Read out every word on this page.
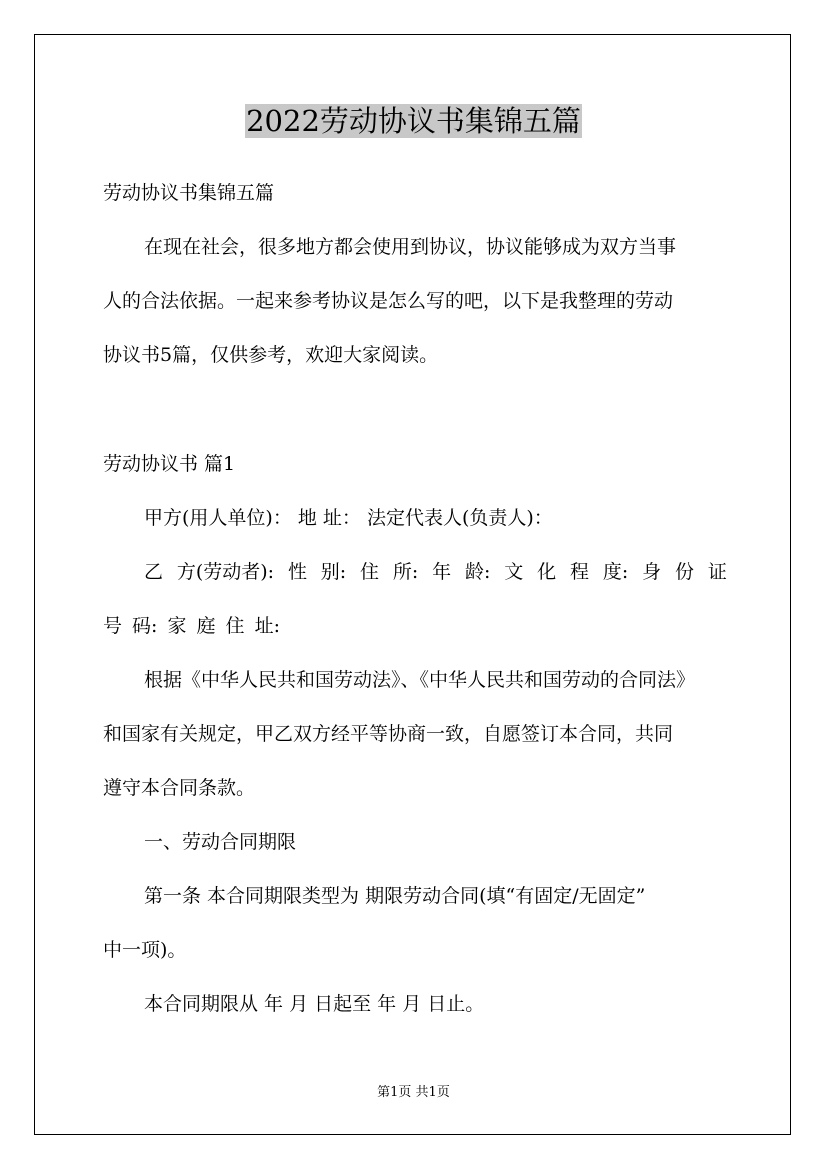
2022劳动协议书集锦五篇
劳动协议书集锦五篇
在现在社会，很多地方都会使用到协议，协议能够成为双方当事
人的合法依据。一起来参考协议是怎么写的吧，以下是我整理的劳动
协议书5篇，仅供参考，欢迎大家阅读。
劳动协议书 篇1
甲方(用人单位)： 地 址： 法定代表人(负责人)：
乙 方(劳动者): 性 别: 住 所: 年 龄: 文 化 程 度: 身 份 证
号 码: 家 庭 住 址:
根据《中华人民共和国劳动法》、《中华人民共和国劳动的合同法》
和国家有关规定，甲乙双方经平等协商一致，自愿签订本合同，共同
遵守本合同条款。
一、劳动合同期限
第一条 本合同期限类型为 期限劳动合同(填“有固定/无固定”
中一项)。
本合同期限从 年 月 日起至 年 月 日止。
第1页 共1页
